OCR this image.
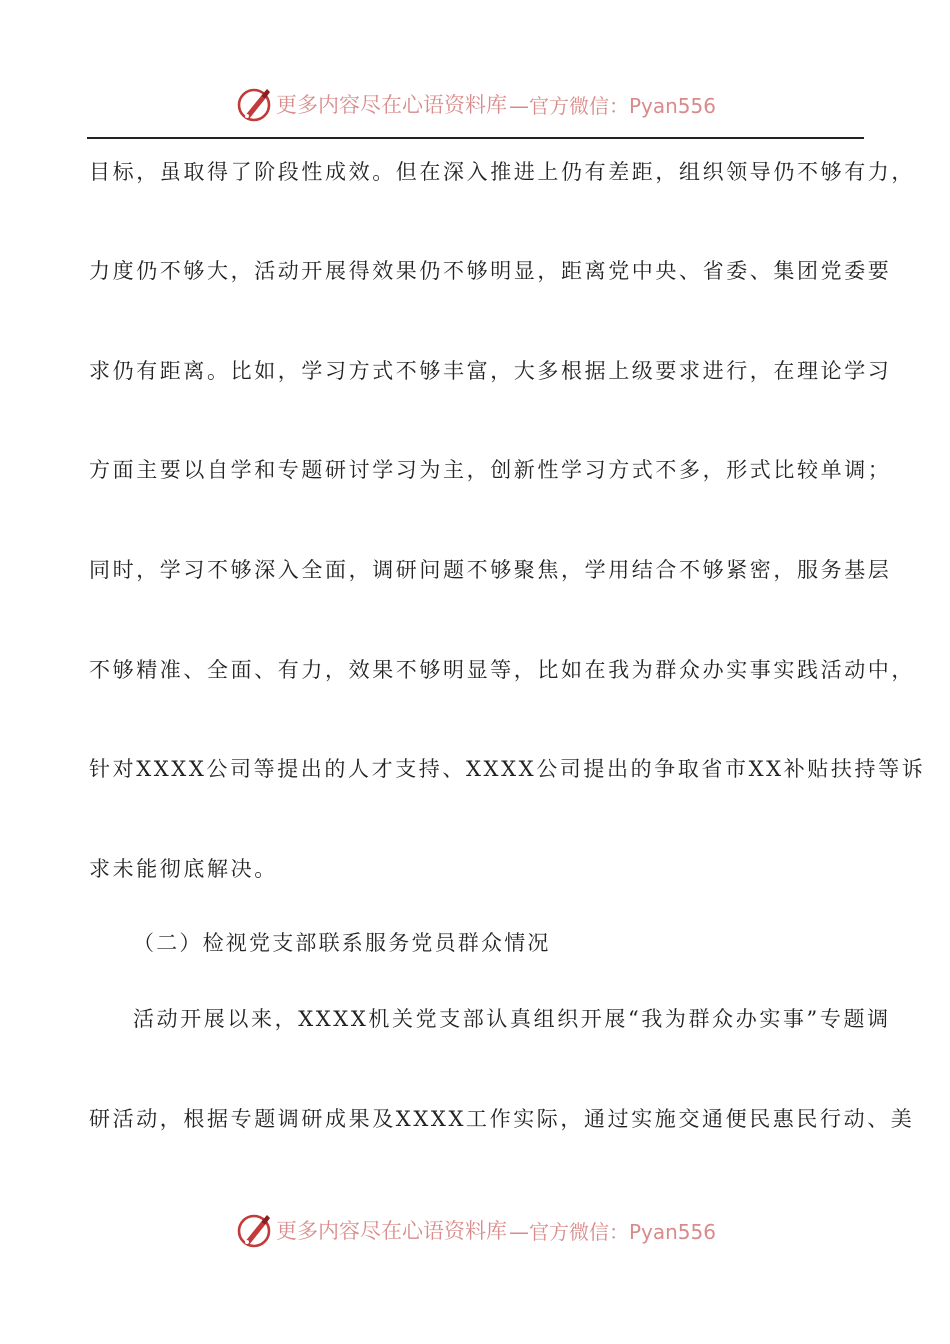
更多内容尽在心语资料库 —官方微信：Pyan556

目标，虽取得了阶段性成效。但在深入推进上仍有差距，组织领导仍不够有力，

力度仍不够大，活动开展得效果仍不够明显，距离党中央、省委、集团党委要

求仍有距离。比如，学习方式不够丰富，大多根据上级要求进行，在理论学习

方面主要以自学和专题研讨学习为主，创新性学习方式不多，形式比较单调；

同时，学习不够深入全面，调研问题不够聚焦，学用结合不够紧密，服务基层

不够精准、全面、有力，效果不够明显等，比如在我为群众办实事实践活动中，

针对XXXX公司等提出的人才支持、XXXX公司提出的争取省市XX补贴扶持等诉

求未能彻底解决。

（二）检视党支部联系服务党员群众情况

活动开展以来，XXXX机关党支部认真组织开展“我为群众办实事”专题调

研活动，根据专题调研成果及XXXX工作实际，通过实施交通便民惠民行动、美

更多内容尽在心语资料库 —官方微信：Pyan556
